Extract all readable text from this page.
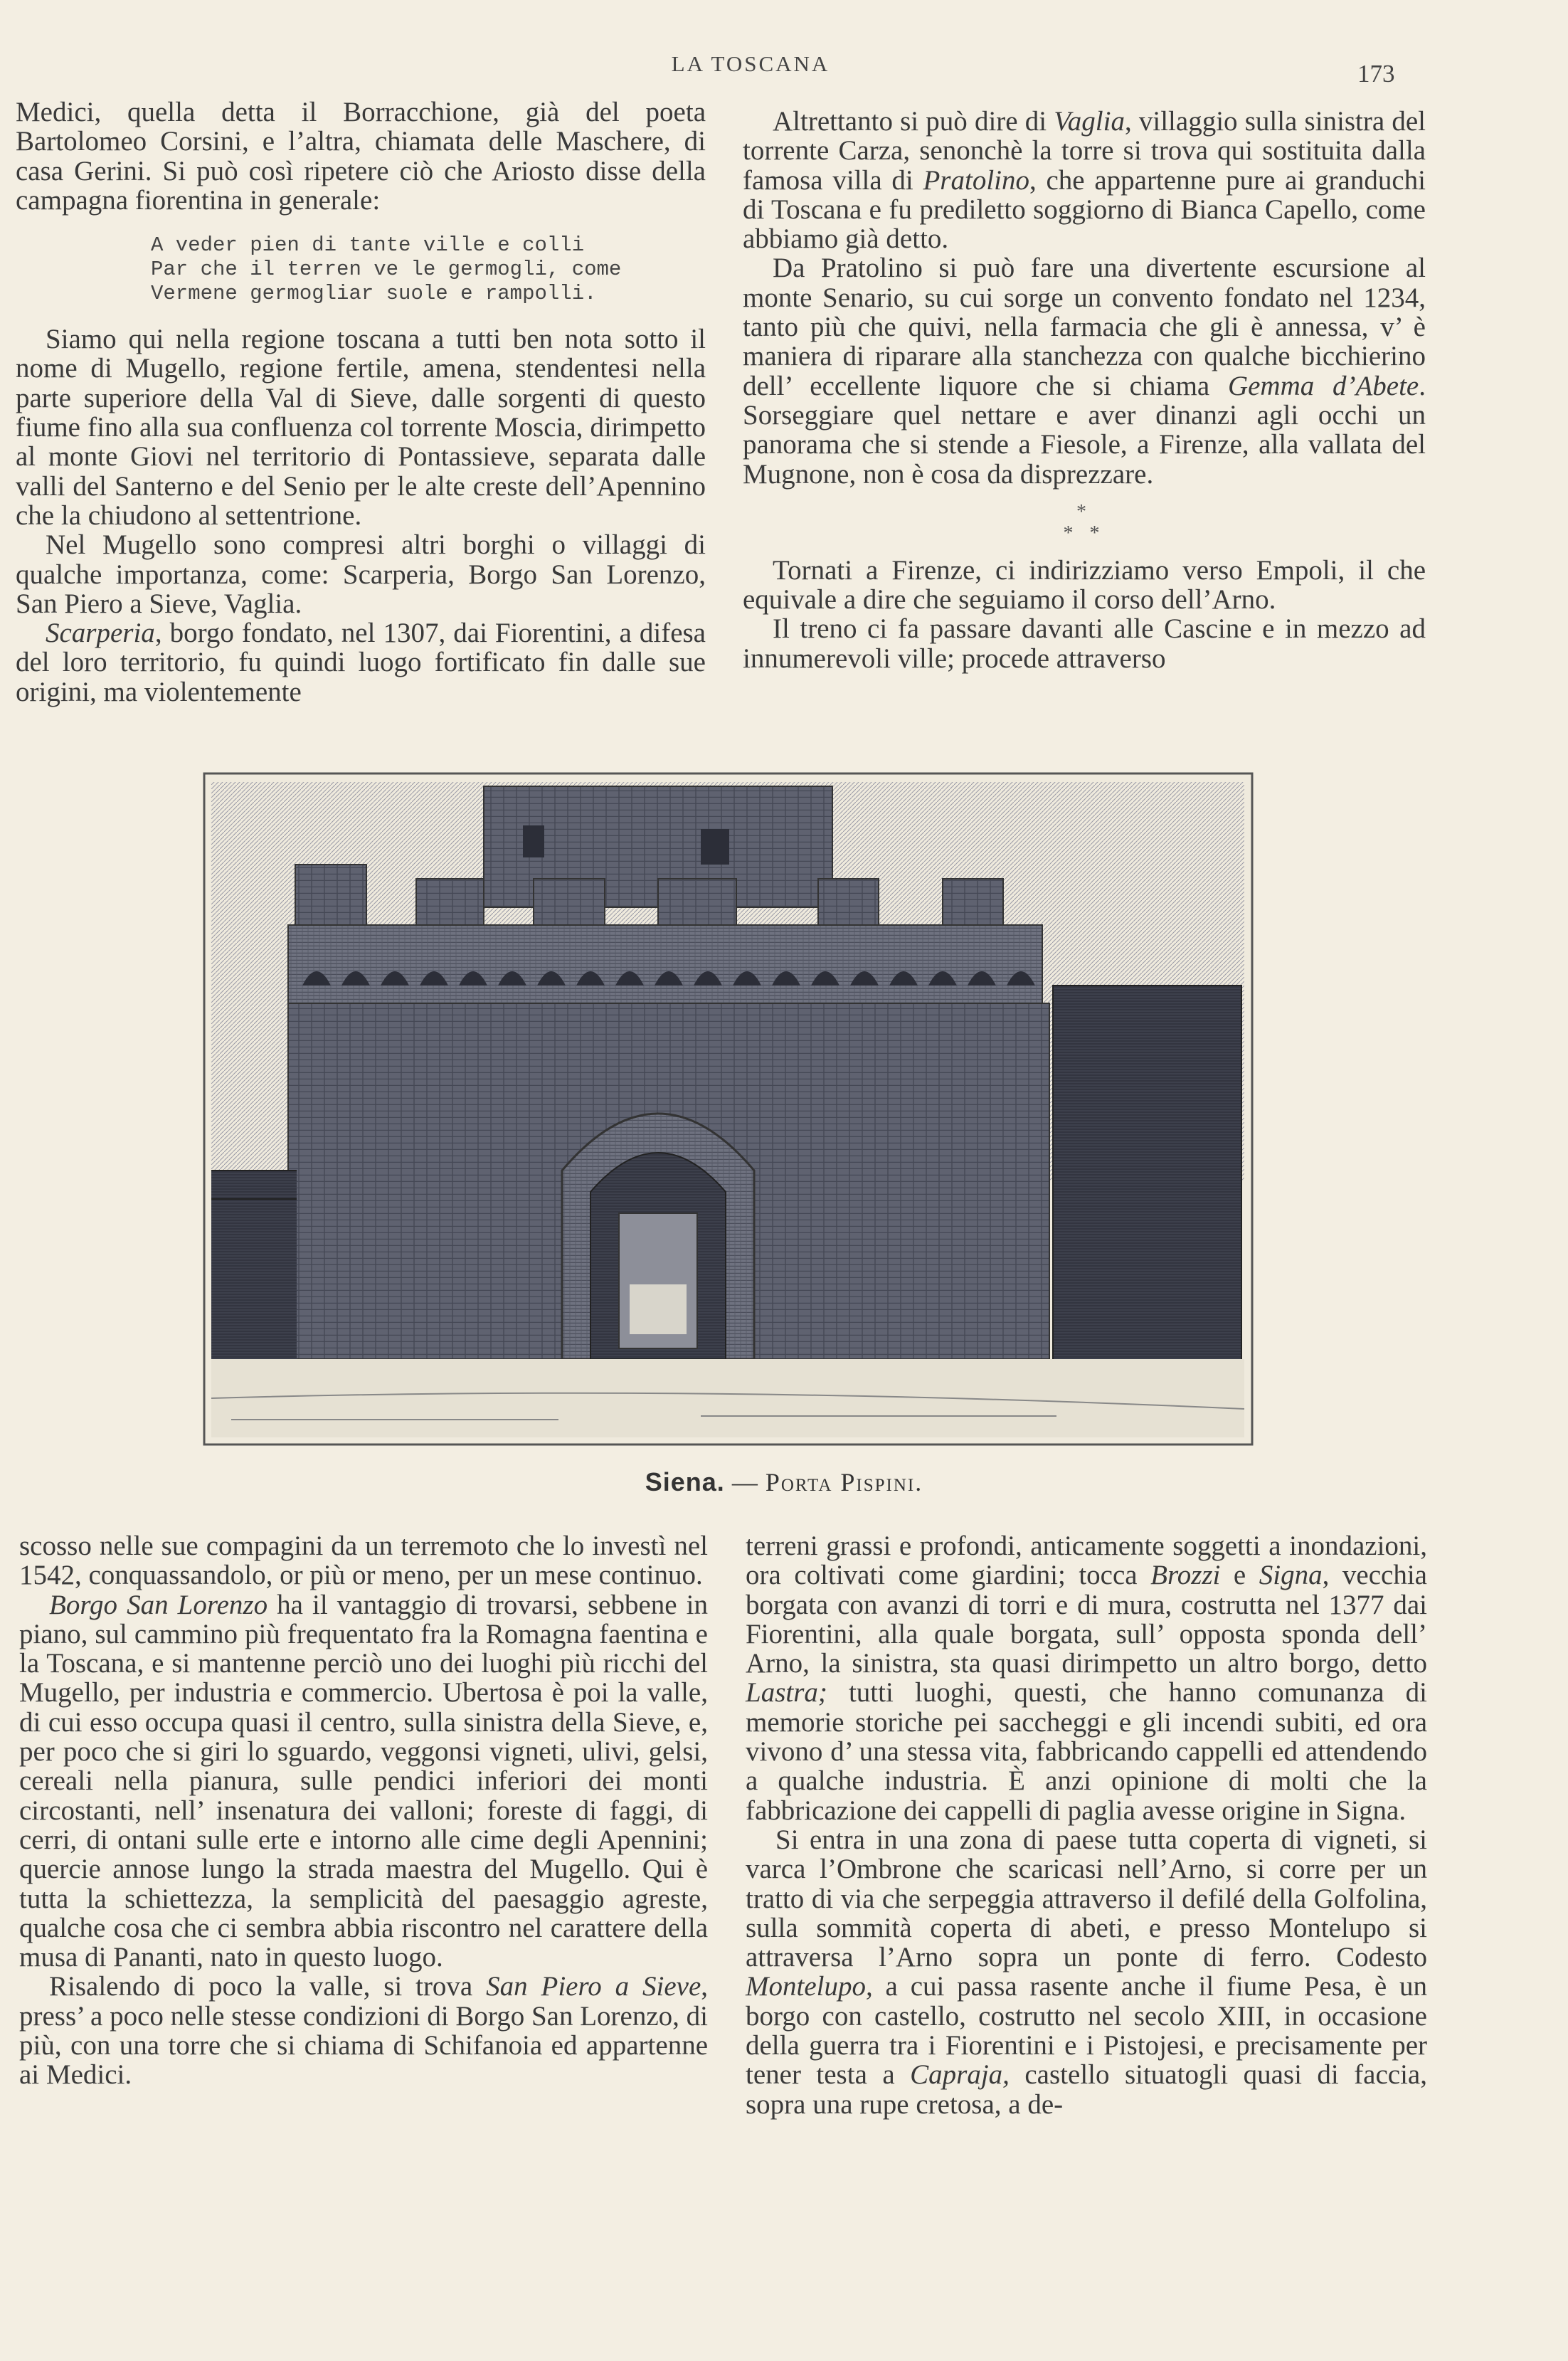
LA TOSCANA	173

Medici, quella detta il Borracchione, già del poeta Bartolomeo Corsini, e l’altra, chiamata delle Maschere, di casa Gerini. Si può così ripetere ciò che Ariosto disse della campagna fiorentina in generale:

A veder pien di tante ville e colli
Par che il terren ve le germogli, come
Vermene germogliar suole e rampolli.

Siamo qui nella regione toscana a tutti ben nota sotto il nome di Mugello, regione fertile, amena, stendentesi nella parte superiore della Val di Sieve, dalle sorgenti di questo fiume fino alla sua confluenza col torrente Moscia, dirimpetto al monte Giovi nel territorio di Pontassieve, separata dalle valli del Santerno e del Senio per le alte creste dell’Apennino che la chiudono al settentrione.

Nel Mugello sono compresi altri borghi o villaggi di qualche importanza, come: Scarperia, Borgo San Lorenzo, San Piero a Sieve, Vaglia.

Scarperia, borgo fondato, nel 1307, dai Fiorentini, a difesa del loro territorio, fu quindi luogo fortificato fin dalle sue origini, ma violentemente

Altrettanto si può dire di Vaglia, villaggio sulla sinistra del torrente Carza, senonchè la torre si trova qui sostituita dalla famosa villa di Pratolino, che appartenne pure ai granduchi di Toscana e fu prediletto soggiorno di Bianca Capello, come abbiamo già detto.

Da Pratolino si può fare una divertente escursione al monte Senario, su cui sorge un convento fondato nel 1234, tanto più che quivi, nella farmacia che gli è annessa, v’ è maniera di riparare alla stanchezza con qualche bicchierino dell’ eccellente liquore che si chiama Gemma d’Abete. Sorseggiare quel nettare e aver dinanzi agli occhi un panorama che si stende a Fiesole, a Firenze, alla vallata del Mugnone, non è cosa da disprezzare.

*
* *

Tornati a Firenze, ci indirizziamo verso Empoli, il che equivale a dire che seguiamo il corso dell’Arno.

Il treno ci fa passare davanti alle Cascine e in mezzo ad innumerevoli ville; procede attraverso

Siena. — Porta Pispini.

scosso nelle sue compagini da un terremoto che lo investì nel 1542, conquassandolo, or più or meno, per un mese continuo.

Borgo San Lorenzo ha il vantaggio di trovarsi, sebbene in piano, sul cammino più frequentato fra la Romagna faentina e la Toscana, e si mantenne perciò uno dei luoghi più ricchi del Mugello, per industria e commercio. Ubertosa è poi la valle, di cui esso occupa quasi il centro, sulla sinistra della Sieve, e, per poco che si giri lo sguardo, veggonsi vigneti, ulivi, gelsi, cereali nella pianura, sulle pendici inferiori dei monti circostanti, nell’ insenatura dei valloni; foreste di faggi, di cerri, di ontani sulle erte e intorno alle cime degli Apennini; quercie annose lungo la strada maestra del Mugello. Qui è tutta la schiettezza, la semplicità del paesaggio agreste, qualche cosa che ci sembra abbia riscontro nel carattere della musa di Pananti, nato in questo luogo.

Risalendo di poco la valle, si trova San Piero a Sieve, press’ a poco nelle stesse condizioni di Borgo San Lorenzo, di più, con una torre che si chiama di Schifanoia ed appartenne ai Medici.

terreni grassi e profondi, anticamente soggetti a inondazioni, ora coltivati come giardini; tocca Brozzi e Signa, vecchia borgata con avanzi di torri e di mura, costrutta nel 1377 dai Fiorentini, alla quale borgata, sull’ opposta sponda dell’ Arno, la sinistra, sta quasi dirimpetto un altro borgo, detto Lastra; tutti luoghi, questi, che hanno comunanza di memorie storiche pei saccheggi e gli incendi subiti, ed ora vivono d’ una stessa vita, fabbricando cappelli ed attendendo a qualche industria. È anzi opinione di molti che la fabbricazione dei cappelli di paglia avesse origine in Signa.

Si entra in una zona di paese tutta coperta di vigneti, si varca l’Ombrone che scaricasi nell’Arno, si corre per un tratto di via che serpeggia attraverso il defilé della Golfolina, sulla sommità coperta di abeti, e presso Montelupo si attraversa l’Arno sopra un ponte di ferro. Codesto Montelupo, a cui passa rasente anche il fiume Pesa, è un borgo con castello, costrutto nel secolo XIII, in occasione della guerra tra i Fiorentini e i Pistojesi, e precisamente per tener testa a Capraja, castello situatogli quasi di faccia, sopra una rupe cretosa, a de-
